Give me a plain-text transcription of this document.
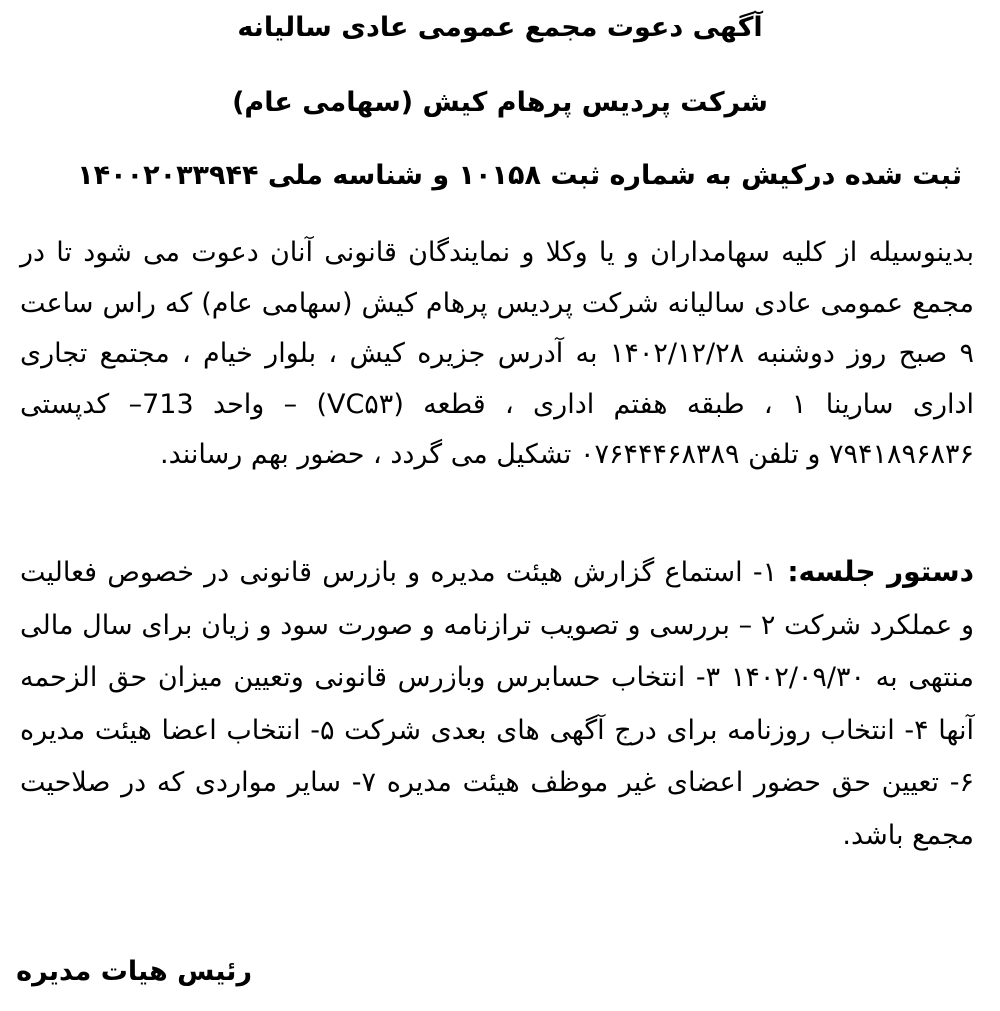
آگهی دعوت مجمع عمومی عادی سالیانه
شرکت پردیس پرهام کیش (سهامی عام)
ثبت شده درکیش به شماره ثبت ۱۰۱۵۸ و شناسه ملی ۱۴۰۰۲۰۳۳۹۴۴
بدینوسیله از کلیه سهامداران و یا وکلا و نمایندگان قانونی آنان دعوت می شود تا در مجمع عمومی عادی سالیانه شرکت پردیس پرهام کیش (سهامی عام) که راس ساعت ۹ صبح روز دوشنبه ۱۴۰۲/۱۲/۲۸ به آدرس جزیره کیش ، بلوار خیام ، مجتمع تجاری اداری سارینا ۱ ، طبقه هفتم اداری ، قطعه (VC۵۳) – واحد 713– کدپستی ۷۹۴۱۸۹۶۸۳۶ و تلفن ۰۷۶۴۴۴۶۸۳۸۹ تشکیل می گردد ، حضور بهم رسانند.
دستور جلسه: ۱- استماع گزارش هیئت مدیره و بازرس قانونی در خصوص فعالیت و عملکرد شرکت ۲ – بررسی و تصویب ترازنامه و صورت سود و زیان برای سال مالی منتهی به ۱۴۰۲/۰۹/۳۰ ۳- انتخاب حسابرس وبازرس قانونی وتعیین میزان حق الزحمه آنها ۴- انتخاب روزنامه برای درج آگهی های بعدی شرکت ۵- انتخاب اعضا هیئت مدیره ۶- تعیین حق حضور اعضای غیر موظف هیئت مدیره ۷- سایر مواردی که در صلاحیت مجمع باشد.
رئیس هیات مدیره
